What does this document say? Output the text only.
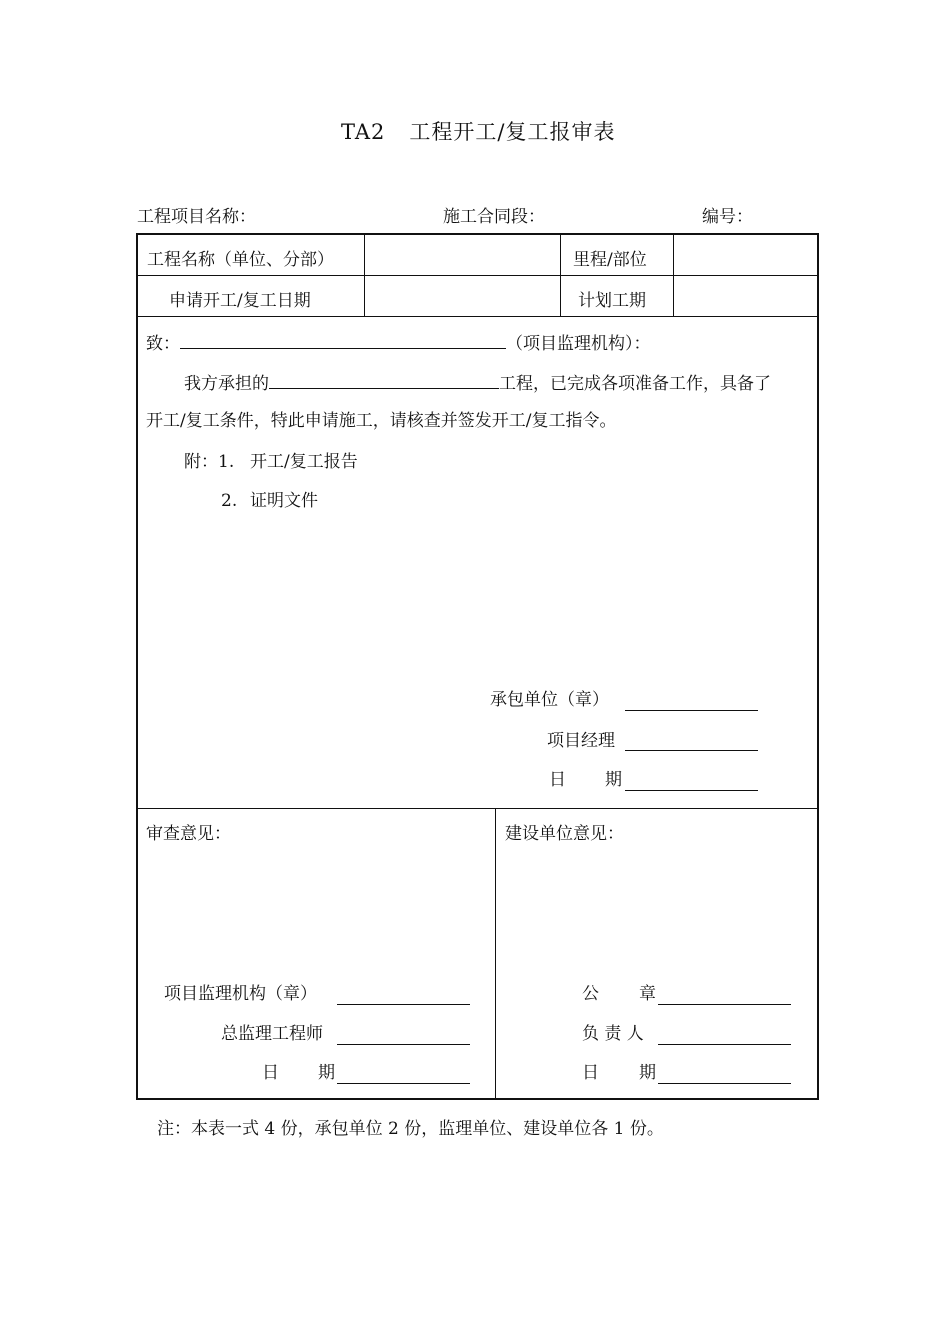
TA2 工程开工/复工报审表
工程项目名称：	施工合同段：	编号：
工程名称（单位、分部）	里程/部位
申请开工/复工日期	计划工期
致：	（项目监理机构）：
我方承担的	工程，已完成各项准备工作，具备了
开工/复工条件，特此申请施工，请核查并签发开工/复工指令。
附：1. 开工/复工报告
2. 证明文件
承包单位（章）
项目经理
日 期
审查意见：
项目监理机构（章）
总监理工程师
日 期
建设单位意见：
公 章
负 责 人
日 期
注：本表一式 4 份，承包单位 2 份，监理单位、建设单位各 1 份。
